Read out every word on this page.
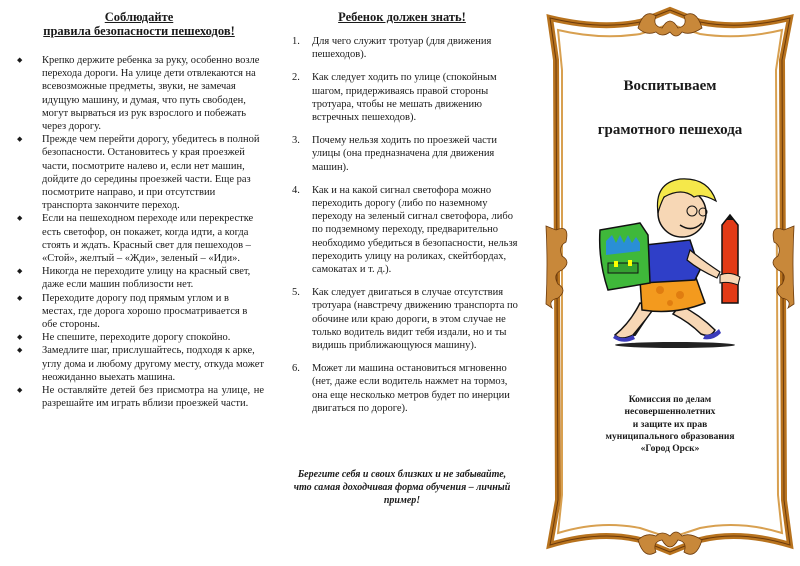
Соблюдайте
правила безопасности пешеходов!
◆ Крепко держите ребенка за руку, особенно возле перехода дороги. На улице дети отвлекаются на всевозможные предметы, звуки, не замечая идущую машину, и думая, что путь свободен, могут вырваться из рук взрослого и побежать через дорогу.
◆ Прежде чем перейти дорогу, убедитесь в полной безопасности. Остановитесь у края проезжей части, посмотрите налево и, если нет машин, дойдите до середины проезжей части. Еще раз посмотрите направо, и при отсутствии транспорта закончите переход.
◆ Если на пешеходном переходе или перекрестке есть светофор, он покажет, когда идти, а когда стоять и ждать. Красный свет для пешеходов – «Стой», желтый – «Жди», зеленый – «Иди».
◆ Никогда не переходите улицу на красный свет, даже если машин поблизости нет.
◆ Переходите дорогу под прямым углом и в местах, где дорога хорошо просматривается в обе стороны.
◆ Не спешите, переходите дорогу спокойно.
◆ Замедлите шаг, прислушайтесь, подходя к арке, углу дома и любому другому месту, откуда может неожиданно выехать машина.
◆ Не оставляйте детей без присмотра на улице, не разрешайте им играть вблизи проезжей части.
Ребенок должен знать!
1. Для чего служит тротуар (для движения пешеходов).
2. Как следует ходить по улице (спокойным шагом, придерживаясь правой стороны тротуара, чтобы не мешать движению встречных пешеходов).
3. Почему нельзя ходить по проезжей части улицы (она предназначена для движения машин).
4. Как и на какой сигнал светофора можно переходить дорогу (либо по наземному переходу на зеленый сигнал светофора, либо по подземному переходу, предварительно необходимо убедиться в безопасности, нельзя переходить улицу на роликах, скейтбордах, самокатах и т. д.).
5. Как следует двигаться в случае отсутствия тротуара (навстречу движению транспорта по обочине или краю дороги, в этом случае не только водитель видит тебя издали, но и ты видишь приближающуюся машину).
6. Может ли машина остановиться мгновенно (нет, даже если водитель нажмет на тормоз, она еще несколько метров будет по инерции двигаться по дороге).
Берегите себя и своих близких и не забывайте,
что самая доходчивая форма обучения – личный пример!
Воспитываем
грамотного пешехода
Комиссия по делам
несовершеннолетних
и защите их прав
муниципального образования
«Город Орск»
